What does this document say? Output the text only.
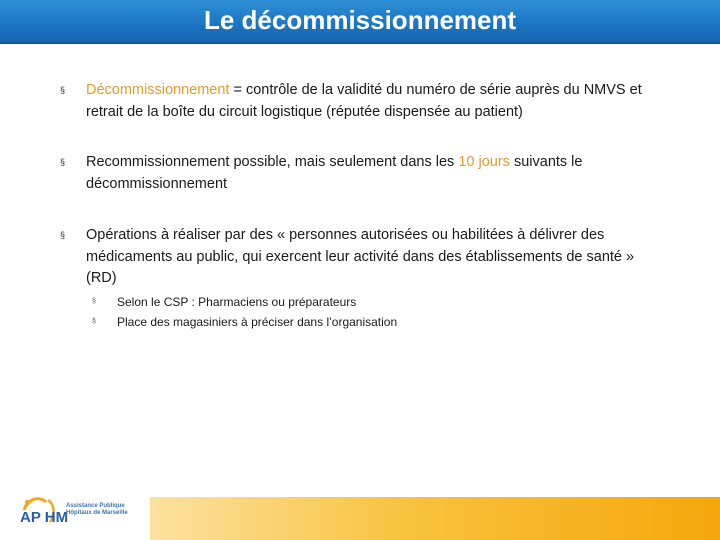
Le décommissionnement
§ Décommissionnement = contrôle de la validité du numéro de série auprès du NMVS et retrait de la boîte du circuit logistique (réputée dispensée au patient)
§ Recommissionnement possible, mais seulement dans les 10 jours suivants le décommissionnement
§ Opérations à réaliser par des « personnes autorisées ou habilitées à délivrer des médicaments au public, qui exercent leur activité dans des établissements de santé » (RD)
§ Selon le CSP : Pharmaciens ou préparateurs
§ Place des magasiniers à préciser dans l’organisation
AP HM
Assistance Publique
Hôpitaux de Marseille
